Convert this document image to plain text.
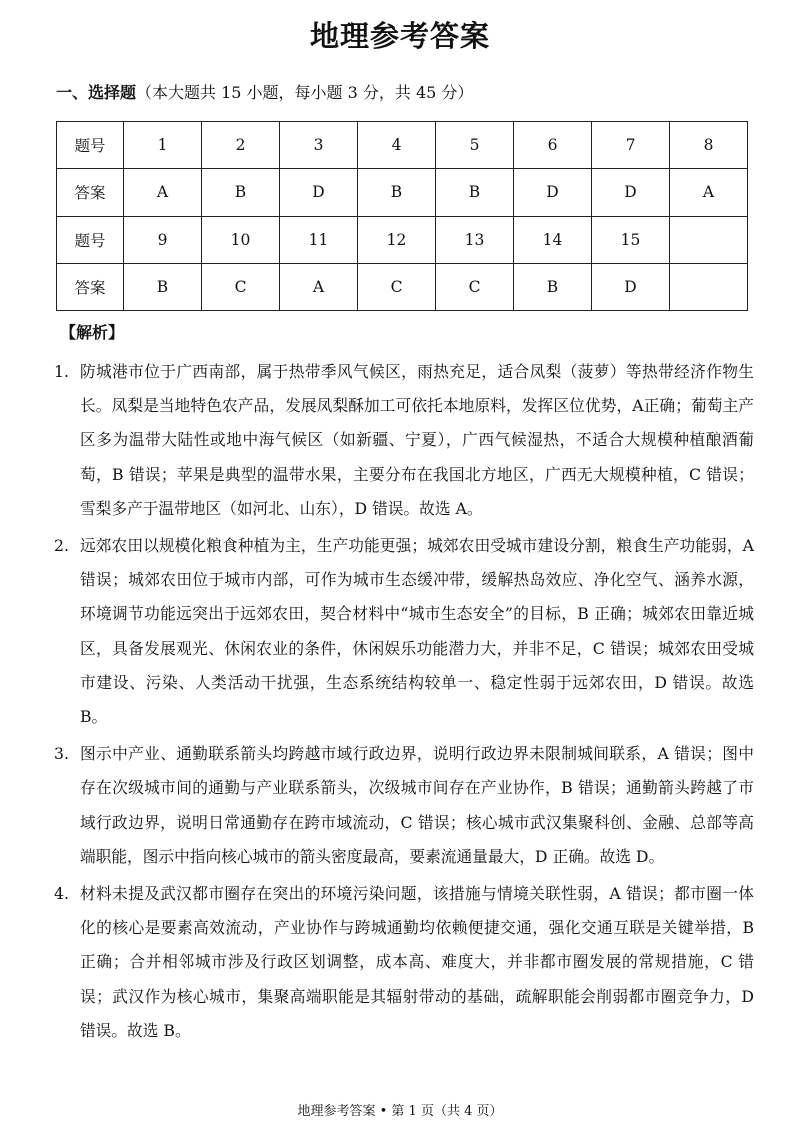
地理参考答案
一、选择题（本大题共 15 小题，每小题 3 分，共 45 分）
题号	1	2	3	4	5	6	7	8
答案	A	B	D	B	B	D	D	A
题号	9	10	11	12	13	14	15	
答案	B	C	A	C	C	B	D	
【解析】
1. 防城港市位于广西南部，属于热带季风气候区，雨热充足，适合凤梨（菠萝）等热带经济作物生长。凤梨是当地特色农产品，发展凤梨酥加工可依托本地原料，发挥区位优势，A正确；葡萄主产区多为温带大陆性或地中海气候区（如新疆、宁夏），广西气候湿热，不适合大规模种植酿酒葡萄，B 错误；苹果是典型的温带水果，主要分布在我国北方地区，广西无大规模种植，C 错误；雪梨多产于温带地区（如河北、山东），D 错误。故选 A。
2. 远郊农田以规模化粮食种植为主，生产功能更强；城郊农田受城市建设分割，粮食生产功能弱，A 错误；城郊农田位于城市内部，可作为城市生态缓冲带，缓解热岛效应、净化空气、涵养水源，环境调节功能远突出于远郊农田，契合材料中“城市生态安全”的目标，B 正确；城郊农田靠近城区，具备发展观光、休闲农业的条件，休闲娱乐功能潜力大，并非不足，C 错误；城郊农田受城市建设、污染、人类活动干扰强，生态系统结构较单一、稳定性弱于远郊农田，D 错误。故选 B。
3. 图示中产业、通勤联系箭头均跨越市域行政边界，说明行政边界未限制城间联系，A 错误；图中存在次级城市间的通勤与产业联系箭头，次级城市间存在产业协作，B 错误；通勤箭头跨越了市域行政边界，说明日常通勤存在跨市域流动，C 错误；核心城市武汉集聚科创、金融、总部等高端职能，图示中指向核心城市的箭头密度最高，要素流通量最大，D 正确。故选 D。
4. 材料未提及武汉都市圈存在突出的环境污染问题，该措施与情境关联性弱，A 错误；都市圈一体化的核心是要素高效流动，产业协作与跨城通勤均依赖便捷交通，强化交通互联是关键举措，B 正确；合并相邻城市涉及行政区划调整，成本高、难度大，并非都市圈发展的常规措施，C 错误；武汉作为核心城市，集聚高端职能是其辐射带动的基础，疏解职能会削弱都市圈竞争力，D 错误。故选 B。
地理参考答案 • 第 1 页（共 4 页）
